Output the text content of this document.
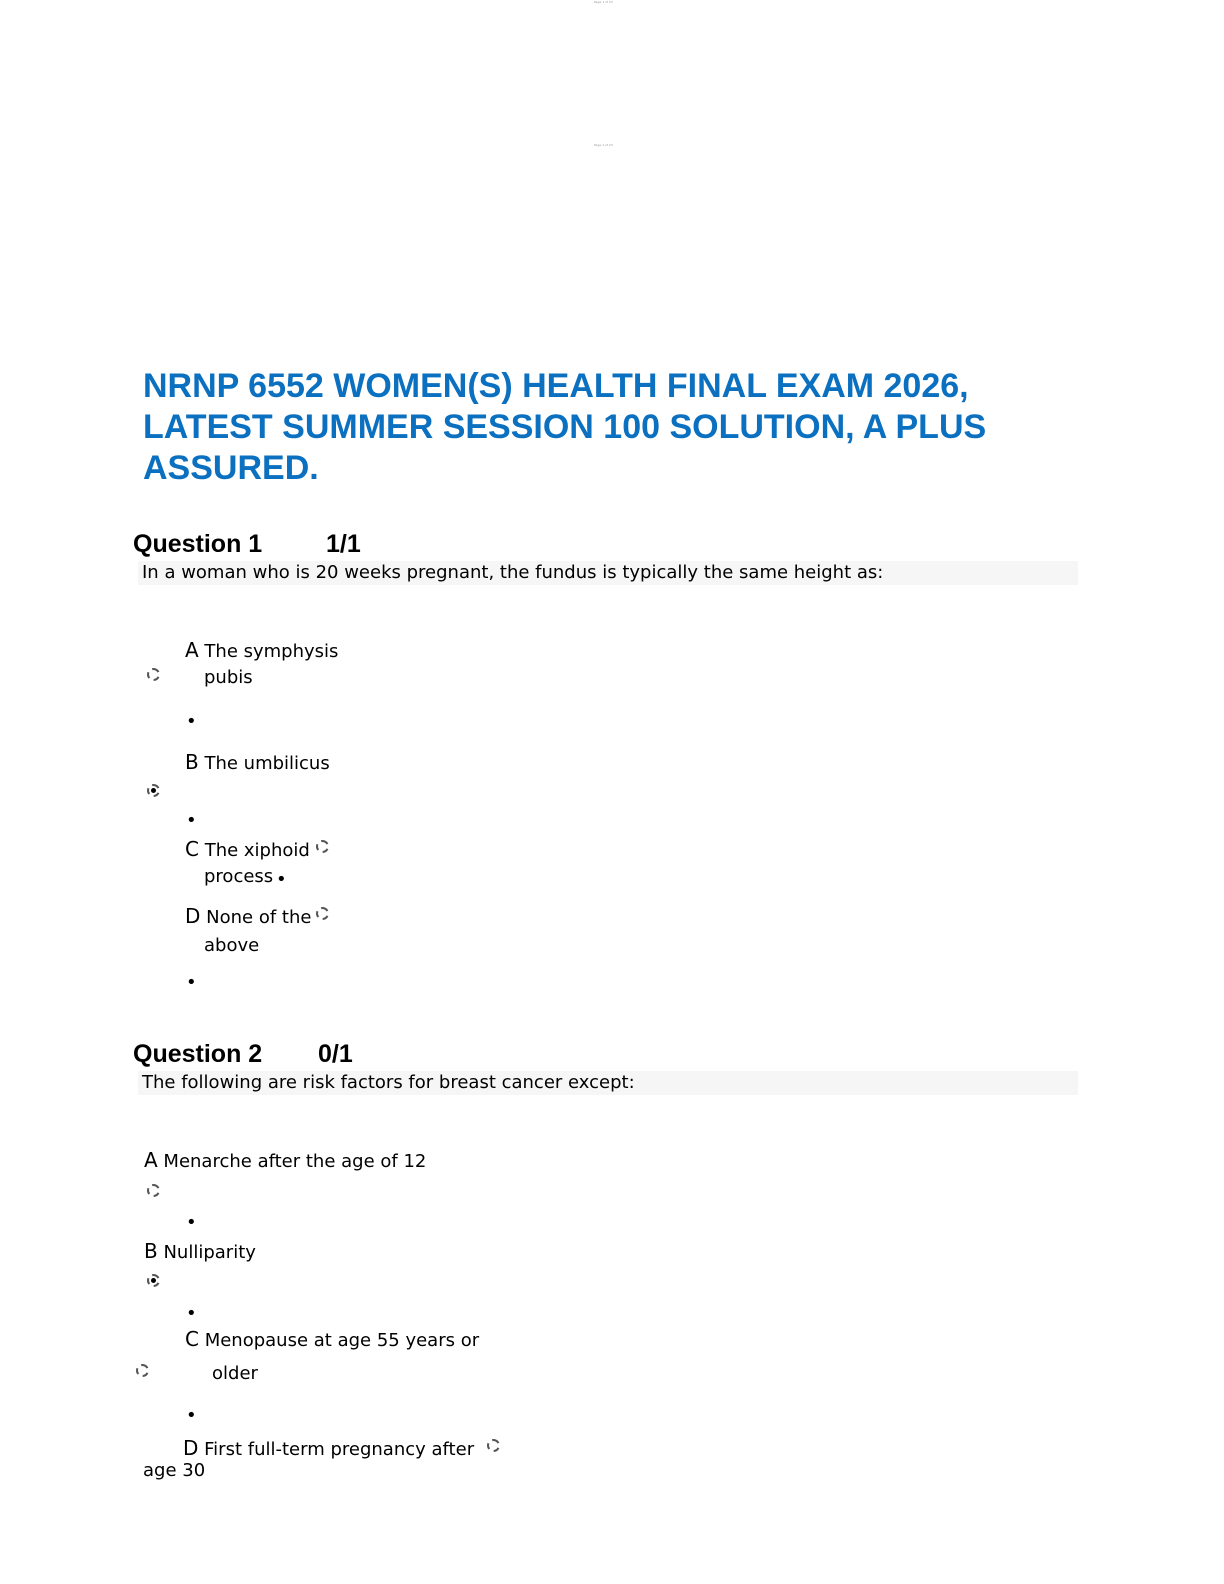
Page 1 of 23
Page 1 of 23
NRNP 6552 WOMEN(S) HEALTH FINAL EXAM 2026,
LATEST SUMMER SESSION 100 SOLUTION, A PLUS
ASSURED.
Question 1	1/1
In a woman who is 20 weeks pregnant, the fundus is typically the same height as:
A The symphysis
pubis
•
B The umbilicus
•
C The xiphoid
process •
D None of the
above
•
Question 2 0/1
The following are risk factors for breast cancer except:
A Menarche after the age of 12
•
B Nulliparity
•
C Menopause at age 55 years or
older
•
D First full-term pregnancy after
age 30
